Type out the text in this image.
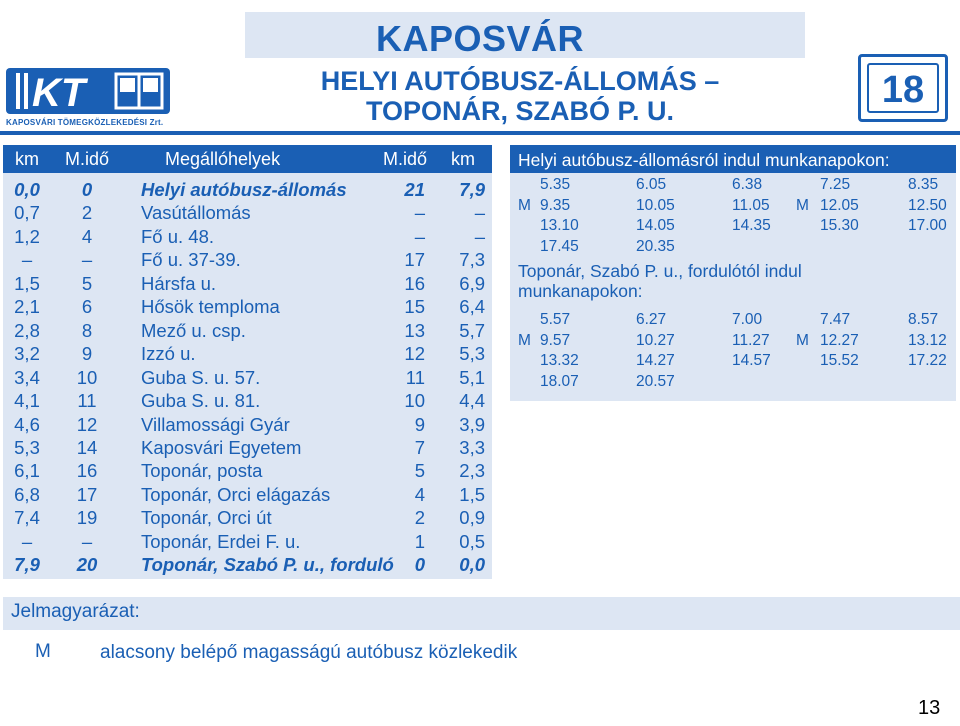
KAPOSVÁR
HELYI AUTÓBUSZ-ÁLLOMÁS –
TOPONÁR, SZABÓ P. U.	18
KT
KAPOSVÁRI TÖMEGKÖZLEKEDÉSI Zrt.
km	M.idő	Megállóhelyek	M.idő	km
0,0	0	Helyi autóbusz-állomás	21	7,9
0,7	2	Vasútállomás	–	–
1,2	4	Fő u. 48.	–	–
–	–	Fő u. 37-39.	17	7,3
1,5	5	Hársfa u.	16	6,9
2,1	6	Hősök temploma	15	6,4
2,8	8	Mező u. csp.	13	5,7
3,2	9	Izzó u.	12	5,3
3,4	10	Guba S. u. 57.	11	5,1
4,1	11	Guba S. u. 81.	10	4,4
4,6	12	Villamossági Gyár	9	3,9
5,3	14	Kaposvári Egyetem	7	3,3
6,1	16	Toponár, posta	5	2,3
6,8	17	Toponár, Orci elágazás	4	1,5
7,4	19	Toponár, Orci út	2	0,9
–	–	Toponár, Erdei F. u.	1	0,5
7,9	20	Toponár, Szabó P. u., forduló	0	0,0
Helyi autóbusz-állomásról indul munkanapokon:
5.35	6.05	6.38	7.25	8.35
M 9.35	10.05	11.05 M 12.05	12.50
13.10	14.05	14.35	15.30	17.00
17.45	20.35
Toponár, Szabó P. u., fordulótól indul
munkanapokon:
5.57	6.27	7.00	7.47	8.57
M 9.57	10.27	11.27 M 12.27	13.12
13.32	14.27	14.57	15.52	17.22
18.07	20.57
Jelmagyarázat:
M	alacsony belépő magasságú autóbusz közlekedik
13
